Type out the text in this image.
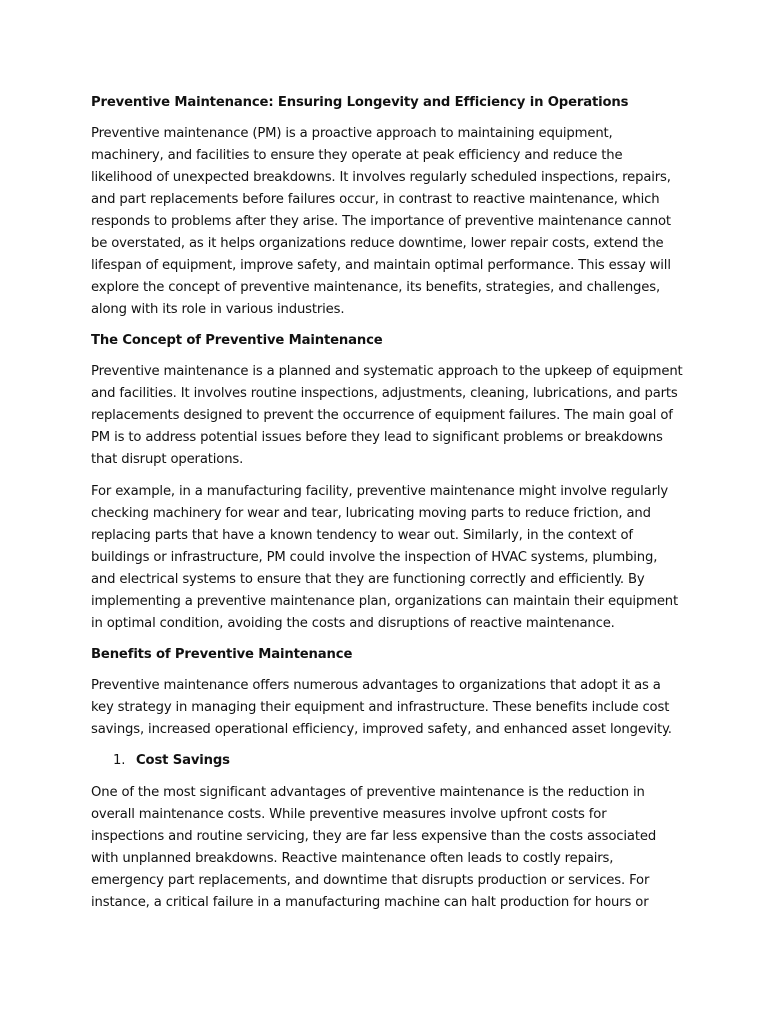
Preventive Maintenance: Ensuring Longevity and Efficiency in Operations

Preventive maintenance (PM) is a proactive approach to maintaining equipment, machinery, and facilities to ensure they operate at peak efficiency and reduce the likelihood of unexpected breakdowns. It involves regularly scheduled inspections, repairs, and part replacements before failures occur, in contrast to reactive maintenance, which responds to problems after they arise. The importance of preventive maintenance cannot be overstated, as it helps organizations reduce downtime, lower repair costs, extend the lifespan of equipment, improve safety, and maintain optimal performance. This essay will explore the concept of preventive maintenance, its benefits, strategies, and challenges, along with its role in various industries.

The Concept of Preventive Maintenance

Preventive maintenance is a planned and systematic approach to the upkeep of equipment and facilities. It involves routine inspections, adjustments, cleaning, lubrications, and parts replacements designed to prevent the occurrence of equipment failures. The main goal of PM is to address potential issues before they lead to significant problems or breakdowns that disrupt operations.

For example, in a manufacturing facility, preventive maintenance might involve regularly checking machinery for wear and tear, lubricating moving parts to reduce friction, and replacing parts that have a known tendency to wear out. Similarly, in the context of buildings or infrastructure, PM could involve the inspection of HVAC systems, plumbing, and electrical systems to ensure that they are functioning correctly and efficiently. By implementing a preventive maintenance plan, organizations can maintain their equipment in optimal condition, avoiding the costs and disruptions of reactive maintenance.

Benefits of Preventive Maintenance

Preventive maintenance offers numerous advantages to organizations that adopt it as a key strategy in managing their equipment and infrastructure. These benefits include cost savings, increased operational efficiency, improved safety, and enhanced asset longevity.

1. Cost Savings

One of the most significant advantages of preventive maintenance is the reduction in overall maintenance costs. While preventive measures involve upfront costs for inspections and routine servicing, they are far less expensive than the costs associated with unplanned breakdowns. Reactive maintenance often leads to costly repairs, emergency part replacements, and downtime that disrupts production or services. For instance, a critical failure in a manufacturing machine can halt production for hours or
